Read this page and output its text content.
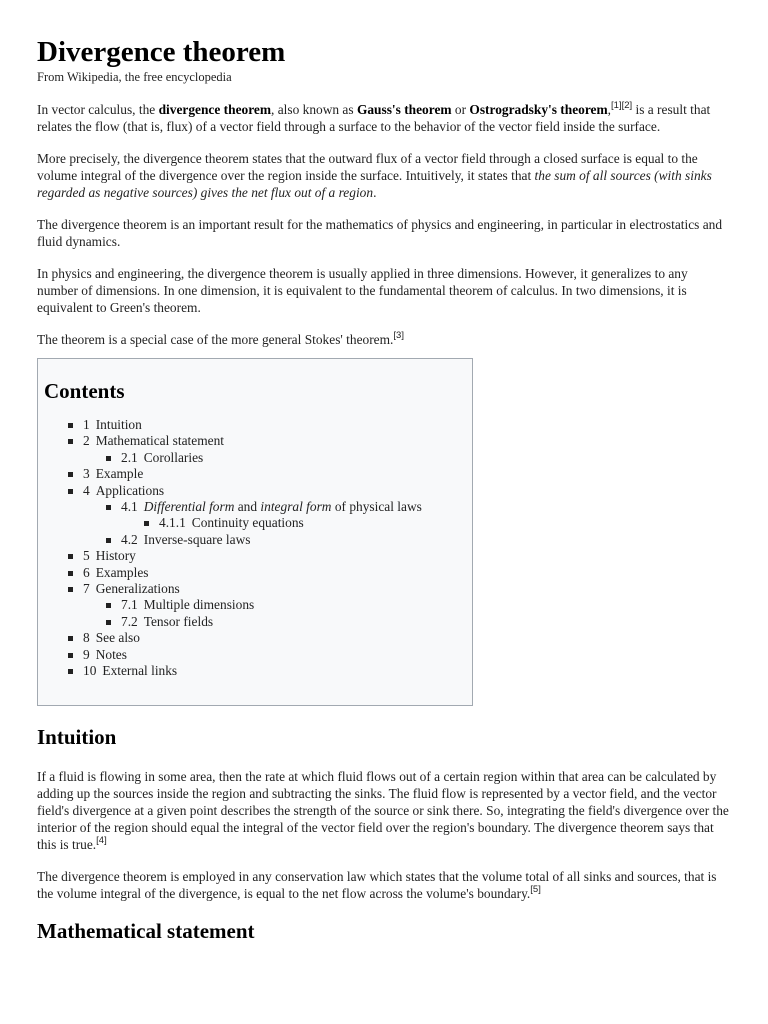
Divergence theorem
From Wikipedia, the free encyclopedia

In vector calculus, the divergence theorem, also known as Gauss's theorem or Ostrogradsky's theorem,[1][2] is a result that relates the flow (that is, flux) of a vector field through a surface to the behavior of the vector field inside the surface.

More precisely, the divergence theorem states that the outward flux of a vector field through a closed surface is equal to the volume integral of the divergence over the region inside the surface. Intuitively, it states that the sum of all sources (with sinks regarded as negative sources) gives the net flux out of a region.

The divergence theorem is an important result for the mathematics of physics and engineering, in particular in electrostatics and fluid dynamics.

In physics and engineering, the divergence theorem is usually applied in three dimensions. However, it generalizes to any number of dimensions. In one dimension, it is equivalent to the fundamental theorem of calculus. In two dimensions, it is equivalent to Green's theorem.

The theorem is a special case of the more general Stokes' theorem.[3]

Contents
1 Intuition
2 Mathematical statement
2.1 Corollaries
3 Example
4 Applications
4.1 Differential form and integral form of physical laws
4.1.1 Continuity equations
4.2 Inverse-square laws
5 History
6 Examples
7 Generalizations
7.1 Multiple dimensions
7.2 Tensor fields
8 See also
9 Notes
10 External links
Intuition

If a fluid is flowing in some area, then the rate at which fluid flows out of a certain region within that area can be calculated by adding up the sources inside the region and subtracting the sinks. The fluid flow is represented by a vector field, and the vector field's divergence at a given point describes the strength of the source or sink there. So, integrating the field's divergence over the interior of the region should equal the integral of the vector field over the region's boundary. The divergence theorem says that this is true.[4]

The divergence theorem is employed in any conservation law which states that the volume total of all sinks and sources, that is the volume integral of the divergence, is equal to the net flow across the volume's boundary.[5]

Mathematical statement
